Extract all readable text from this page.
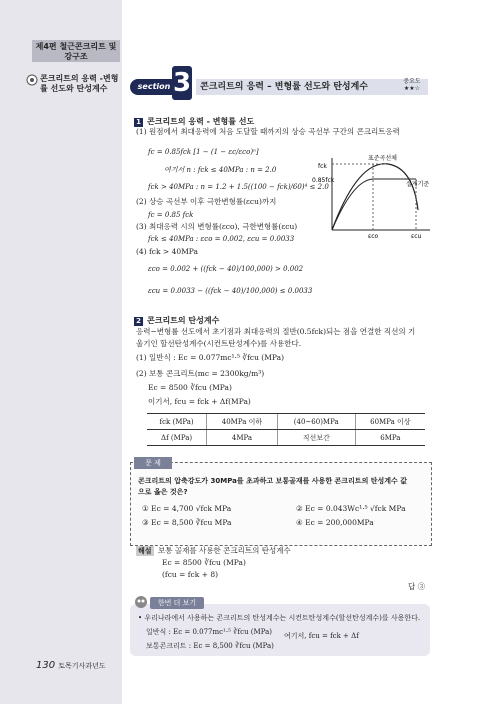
제4편 철근콘크리트 및 강구조
콘크리트의 응력 -변형률 선도와 탄성계수	section 3 콘크리트의 응력 – 변형률 선도와 탄성계수
중요도
★★☆
1 콘크리트의 응력 - 변형률 선도
(1) 원점에서 최대응력에 처음 도달할 때까지의 상승 곡선부 구간의 콘크리트응력
fc = 0.85fck [1 − (1 − εc/εco)ⁿ]
여기서 n : fck ≤ 40MPa : n = 2.0
fck > 40MPa : n = 1.2 + 1.5((100 − fck)/60)⁴ ≤ 2.0
(2) 상승 곡선부 이후 극한변형률(εcu)까지
fc = 0.85 fck
(3) 최대응력 시의 변형률(εco), 극한변형률(εcu)
fck ≤ 40MPa : εco = 0.002, εcu = 0.0033
(4) fck > 40MPa
εco = 0.002 + ((fck − 40)/100,000) > 0.002
εcu = 0.0033 − ((fck − 40)/100,000) ≤ 0.0033
fck
0.85fck
표준곡선체
설계기준
εco	εcu
2 콘크리트의 탄성계수
응력−변형률 선도에서 초기점과 최대응력의 절반(0.5fck)되는 점을 연결한 직선의 기
울기인 할선탄성계수(시컨트탄성계수)를 사용한다.
(1) 일반식 : Ec = 0.077mc¹·⁵ ∛fcu (MPa)
(2) 보통 콘크리트(mc = 2300kg/m³)
Ec = 8500 ∛fcu (MPa)
이기서, fcu = fck + Δf(MPa)
fck (MPa)	40MPa 이하	(40~60)MPa	60MPa 이상
Δf (MPa)	4MPa	직선보간	6MPa
문 제
콘크리트의 압축강도가 30MPa를 초과하고 보통골재를 사용한 콘크리트의 탄성계수 값
으로 옳은 것은?
① Ec = 4,700 √fck MPa	② Ec = 0.043Wc¹·⁵ √fck MPa
③ Ec = 8,500 ∛fcu MPa	④ Ec = 200,000MPa
해설 보통 골재를 사용한 콘크리트의 탄성계수
Ec = 8500 ∛fcu (MPa)
(fcu = fck + 8)
답 ③
한번 더 보기
• 우리나라에서 사용하는 콘크리트의 탄성계수는 시컨트탄성계수(할선탄성계수)를 사용한다.
일반식 : Ec = 0.077mc¹·⁵ ∛fcu (MPa) 여기서, fcu = fck + Δf
보통콘크리트 : Ec = 8,500 ∛fcu (MPa)
130 토목기사과년도
